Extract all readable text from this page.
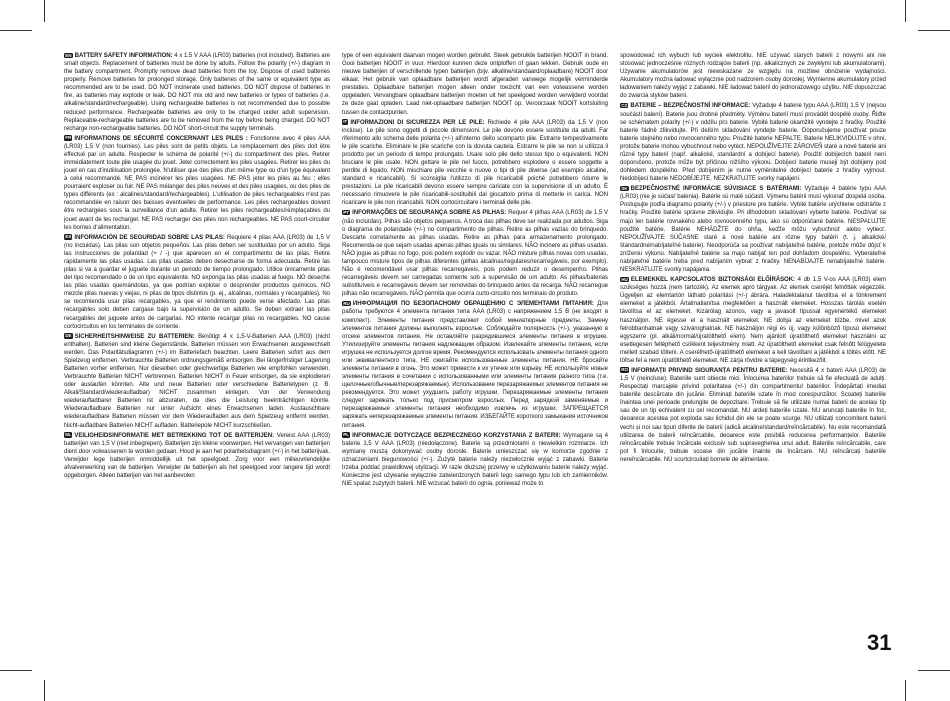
EN BATTERY SAFETY INFORMATION: 4 x 1.5 V AAA (LR03) batteries (not included). Batteries are small objects. Replacement of batteries must be done by adults. Follow the polarity (+/-) diagram in the battery compartment. Promptly remove dead batteries from the toy. Dispose of used batteries properly. Remove batteries for prolonged storage. Only batteries of the same or equivalent type as recommended are to be used. DO NOT incinerate used batteries. DO NOT dispose of batteries in fire, as batteries may explode or leak. DO NOT mix old and new batteries or types of batteries (i.e. alkaline/standard/rechargeable). Using rechargeable batteries is not recommended due to possible reduced performance. Rechargeable batteries are only to be charged under adult supervision. Replaceable-rechargeable batteries are to be removed from the toy before being charged. DO NOT recharge non-rechargeable batteries. DO NOT short-circuit the supply terminals.
FR INFORMATIONS DE SÉCURITÉ CONCERNANT LES PILES : Fonctionne avec 4 piles AAA (LR03) 1,5 V (non fournies). Les piles sont de petits objets. Le remplacement des piles doit être effectué par un adulte. Respecter le schéma de polarité (+/-) du compartiment des piles. Retirer immédiatement toute pile usagée du jouet. Jeter correctement les piles usagées. Retirer les piles du jouet en cas d'inutilisation prolongée. N'utiliser que des piles d'un même type ou d'un type équivalent à celui recommandé. NE PAS incinérer les piles usagées. NE PAS jeter les piles au feu ; elles pourraient exploser ou fuir. NE PAS mélanger des piles neuves et des piles usagées, ou des piles de types différents (ex : alcalines/standard/rechargeables). L'utilisation de piles rechargeables n'est pas recommandée en raison des baisses éventuelles de performance. Les piles rechargeables doivent être rechargées sous la surveillance d'un adulte. Retirer les piles rechargeables/remplaçables du jouet avant de les recharger. NE PAS recharger des piles non rechargeables. NE PAS court-circuiter les bornes d'alimentation.
ES INFORMACIÓN DE SEGURIDAD SOBRE LAS PILAS: Requiere 4 pilas AAA (LR03) de 1,5 V (no incluidas). Las pilas son objetos pequeños. Las pilas deben ser sustituidas por un adulto. Siga las instrucciones de polaridad (+ / -) que aparecen en el compartimento de las pilas. Retire rápidamente las pilas usadas. Las pilas usadas deben desecharse de forma adecuada. Retire las pilas si va a guardar el juguete durante un periodo de tiempo prolongado. Utilice únicamente pilas del tipo recomendado o de un tipo equivalente. NO exponga las pilas usadas al fuego. NO deseche las pilas usadas quemándolas, ya que podrían explotar o desprender productos químicos. NO mezcle pilas nuevas y viejas, ni pilas de tipos distintos (p. ej., alcalinas, normales y recargables). No se recomienda usar pilas recargables, ya que el rendimiento puede verse afectado. Las pilas recargables solo deben cargase bajo la supervisión de un adulto. Se deben extraer las pilas recargables del juguete antes de cargarlas. NO intente recargar pilas no recargables. NO cause cortocircuitos en los terminales de corriente.
DE SICHERHEITSHINWEISE ZU BATTERIEN: Benötigt 4 x 1,5-V-Batterien AAA (LR03) (nicht enthalten). Batterien sind kleine Gegenstände. Batterien müssen von Erwachsenen ausgewechselt werden. Das Polaritätsdiagramm (+/-) im Batteriefach beachten. Leere Batterien sofort aus dem Spielzeug entfernen. Verbrauchte Batterien ordnungsgemäß entsorgen. Bei längerfristiger Lagerung Batterien vorher entfernen. Nur dieselben oder gleichwertige Batterien wie empfohlen verwenden. Verbrauchte Batterien NICHT verbrennen. Batterien NICHT in Feuer entsorgen, da sie explodieren oder auslaufen könnten. Alte und neue Batterien oder verschiedene Batterietypen (z. B. Alkali/Standard/wiederaufladbar) NICHT zusammen einlegen. Von der Verwendung wiederaufladbarer Batterien ist abzuraten, da dies die Leistung beeinträchtigen könnte. Wiederaufladbare Batterien nur unter Aufsicht eines Erwachsenen laden. Austauschbare wiederaufladbare Batterien müssen vor dem Wiederaufladen aus dem Spielzeug entfernt werden. Nicht-aufladbare Batterien NICHT aufladen. Batteriepole NICHT kurzschließen.
NL VEILIGHEIDSINFORMATIE MET BETREKKING TOT DE BATTERIJEN: Vereist AAA (LR03) batterijen van 1,5 V (niet inbegrepen). Batterijen zijn kleine voorwerpen. Het vervangen van batterijen dient door volwassenen te worden gedaan. Houd je aan het polariteitsdiagram (+/-) in het batterijvak. Verwijder lege batterijen onmiddellijk uit het speelgoed. Zorg voor een milieuvriendelijke afvalverwerking van de batterijen. Verwijder de batterijen als het speelgoed voor langere tijd wordt opgeborgen. Alleen batterijen van het aanbevolen
type of een equivalent daarvan mogen worden gebruikt. Steek gebruikte batterijen NOOIT in brand. Gooi batterijen NOOIT in vuur. Hierdoor kunnen deze ontploffen of gaan lekken. Gebruik oude en nieuwe batterijen of verschillende typen batterijen (bijv. alkaline/standaard/oplaadbare) NOOIT door elkaar. Het gebruik van oplaadbare batterijen wordt afgeraden vanwege mogelijk verminderde prestaties. Oplaadbare batterijen mogen alleen onder toezicht van een volwassene worden opgeladen. Vervangbare oplaadbare batterijen moeten uit het speelgoed worden verwijderd voordat ze deze gaat opladen. Laad niet-oplaadbare batterijen NOOIT op. Veroorzaak NOOIT kortsluiting tussen de contactpunten.
IT INFORMAZIONI DI SICUREZZA PER LE PILE: Richiede 4 pile AAA (LR03) da 1,5 V (non incluse). Le pile sono oggetti di piccole dimensioni. Le pile devono essere sostituite da adulti. Far riferimento allo schema delle polarità (+/-) all'interno dello scomparto pile. Estrarre tempestivamente le pile scariche. Eliminare le pile scariche con la dovuta cautela. Estrarre le pile se non si utilizza il prodotto per un periodo di tempo prolungato. Usare solo pile dello stesso tipo o equivalenti. NON bruciare le pile usate. NON gettare le pile nel fuoco, potrebbero esplodere o essere soggette a perdite di liquido. NON mischiare pile vecchie e nuove o tipi di pile diverse (ad esempio alcaline, standard e ricaricabili). Si sconsiglia l'utilizzo di pile ricaricabili poiché potrebbero ridurre le prestazioni. Le pile ricaricabili devono essere sempre caricate con la supervisione di un adulto. È necessario rimuovere le pile ricaricabili-sostituibili dal giocattolo prima di metterle in carica. NON ricaricare le pile non ricaricabili. NON cortocircuitare i terminali delle pile.
PT INFORMAÇÕES DE SEGURANÇA SOBRE AS PILHAS: Requer 4 pilhas AAA (LR03) de 1,5 V (não incluídas). Pilhas são objetos pequenos. A troca das pilhas deve ser realizada por adultos. Siga o diagrama de polaridade (+/-) no compartimento de pilhas. Retire as pilhas vazias do brinquedo. Descarte corretamente as pilhas usadas. Retire as pilhas para armazenamento prolongado. Recomenda-se que sejam usadas apenas pilhas iguais ou similares. NÃO incinere as pilhas usadas. NÃO jogue as pilhas no fogo, pois podem explodir ou vazar. NÃO misture pilhas novas com usadas, tampouco misture tipos de pilhas diferentes (pilhas alcalinas/regulares/recarregáveis, por exemplo). Não é recomendável usar pilhas recarregáveis, pois podem reduzir o desempenho. Pilhas recarregáveis devem ser carregadas somente sob a supervisão de um adulto. As pilhas/baterias substituíveis e recarregáveis devem ser removidas do brinquedo antes da recarga. NÃO recarregue pilhas não recarregáveis. NÃO permita que ocorra curto-circuito nos terminais do produto.
RU ИНФОРМАЦИЯ ПО БЕЗОПАСНОМУ ОБРАЩЕНИЮ С ЭЛЕМЕНТАМИ ПИТАНИЯ: Для работы требуются 4 элемента питания типа AAA (LR03) с напряжением 1,5 В (не входят в комплект). Элементы питания представляют собой миниатюрные предметы. Замену элементов питания должны выполнять взрослые. Соблюдайте полярность (+/-), указанную в отсеке элементов питания. Не оставляйте разрядившиеся элементы питания в игрушке. Утилизируйте элементы питания надлежащим образом. Извлекайте элементы питания, если игрушка не используется долгое время. Рекомендуется использовать элементы питания одного или эквивалентного типа. НЕ сжигайте использованные элементы питания. НЕ бросайте элементы питания в огонь. Это может привести к их утечке или взрыву. НЕ используйте новые элементы питания в сочетании с использованными или элементы питания разного типа (т.е. щелочные/обычные/перезаряжаемые). Использование перезаряжаемых элементов питания не рекомендуется. Это может ухудшить работу игрушки. Перезаряжаемые элементы питания следует заряжать только под присмотром взрослых. Перед зарядкой заменяемые и перезаряжаемые элементы питания необходимо извлечь из игрушки. ЗАПРЕЩАЕТСЯ заряжать неперезаряжаемые элементы питания. ИЗБЕГАЙТЕ короткого замыкания источников питания.
PL INFORMACJE DOTYCZĄCE BEZPIECZNEGO KORZYSTANIA Z BATERII: Wymagane są 4 baterie 1,5 V AAA (LR03) (niedołączone). Baterie są przedmiotami o niewielkim rozmiarze. Ich wymianę muszą dokonywać osoby dorosłe. Baterie umieszczać się w komorze zgodnie z oznaczeniami biegunowości (+/-). Zużyte baterie należy niezwłocznie wyjąć z zabawki. Baterie trzeba poddać prawidłowej utylizacji. W razie dłuższej przerwy w użytkowaniu baterie należy wyjąć. Konieczne jest używanie wyłącznie zatwierdzonych baterii tego samego typu lub ich zamienników. NIE spalać zużytych baterii. NIE wrzucać baterii do ognia, ponieważ może to
spowodować ich wybuch lub wyciek elektrolitu. NIE używać starych baterii z nowymi ani nie stosować jednocześnie różnych rodzajów baterii (np. alkalicznych ze zwykłymi lub akumulatorami). Używanie akumulatorów jest niewskazane ze względu na możliwe obniżenie wydajności. Akumulatory można ładować wyłącznie pod nadzorem osoby dorosłej. Wymienne akumulatory przed ładowaniem należy wyjąć z zabawki. NIE ładować baterii do jednorazowego użytku. NIE dopuszczać do zwarcia styków baterii.
CZ BATERIE – BEZPEČNOSTNÍ INFORMACE: Vyžaduje 4 baterie typu AAA (LR03) 1,5 V (nejsou součástí balení). Baterie jsou drobné předměty. Výměnu baterií musí provádět dospělé osoby. Řiďte se schématem polarity (+/-) v oddílu pro baterie. Vybité baterie okamžitě vyndejte z hračky. Použité baterie řádně zlikvidujte. Při delším skladování vyndejte baterie. Doporučujeme používat pouze baterie stejného nebo rovnocenného typu. Použité baterie NEPALTE. Baterie NELIKVIDUJTE v ohni, protože baterie mohou vybuchnout nebo vytéct. NEPOUŽÍVEJTE ZÁROVEŇ staré a nové baterie ani různé typy baterií (např. alkalické, standardní a dobíjecí baterie). Použití dobíjecích baterií není doporučeno, protože může být příčinou nižšího výkonu. Dobíjecí baterie musejí být dobíjeny pod dohledem dospělého. Před dobíjením je nutné vyměnitelné dobíjecí baterie z hračky vyjmout. Nedobíjecí baterie NEDOBÍJEJTE. NEZKRATUJTE svorky napájení.
SK BEZPEČNOSTNÉ INFORMÁCIE SÚVISIACE S BATÉRIAMI: Vyžaduje 4 batérie typu AAA (LR03) (nie je súčasť balenia). Batérie sú malé súčasti. Výmenu batérií musí vykonať dospelá osoba. Postupujte podľa diagramu polarity (+/-) v priestore pre batérie. Vybité batérie urýchlene odstráňte z hračky. Použité batérie správne zlikvidujte. Pri dlhodobom skladovaní vyberte batérie. Používať sa majú len batérie rovnakého alebo rovnocenného typu, ako sú odporúčané batérie. NESPAĽUJTE použité batérie. Batérie NEHÁDŽTE do ohňa, keďže môžu vybuchnúť alebo vytiecť. NEPOUŽÍVAJTE SÚČASNE staré a nové batérie ani rôzne typy batérií (t. j. alkalické/štandardné/nabíjateľné batérie). Neodporúča sa používať nabíjateľné batérie, pretože môže dôjsť k zníženiu výkonu. Nabíjateľné batérie sa majú nabíjať len pod dohľadom dospelého. Vyberateľné nabíjateľné batérie treba pred nabíjaním vybrať z hračky. NENABÍJAJTE nenabíjateľné batérie. NESKRATUJTE svorky napájania.
HU ELEMEKKEL KAPCSOLATOS BIZTONSÁGI ELŐÍRÁSOK: 4 db 1,5 V-os AAA (LR03) elem szükséges hozzá (nem tartozék). Az elemek apró tárgyak. Az elemek cseréjét felnőttek végezzék. Ügyeljen az elemtartón látható polaritási (+/-) ábrára. Haladéktalanul távolítsa el a tönkrement elemeket a játékból. Ártalmatlanítsa megfelelően a használt elemeket. Hosszas tárolás esetén távolítsa el az elemeket. Kizárólag azonos, vagy a javasolt típussal egyenértékű elemeket használjon. NE égesse el a használt elemeket. NE dobja az elemeket tűzbe, mivel azok felrobbanhatnak vagy szivároghatnak. NE használjon régi és új, vagy különböző típusú elemeket egyszerre (pl. alkáli/normál/újratölthető elem). Nem ajánlott újratölthető elemeket használni az esetlegesen felléphető csökkent teljesítmény miatt. Az újratölthető elemeket csak felnőtt felügyelete mellett szabad tölteni. A cserélhető-újratölthető elemeket a kell távolítani a játékból a töltés előtt. NE töltse fel a nem újratölthető elemeket. NE zárja rövidre a tápegység érintkezőit.
RO INFORMAȚII PRIVIND SIGURANȚA PENTRU BATERIE: Necesită 4 x baterii AAA (LR03) de 1,5 V (neincluse). Bateriile sunt obiecte mici. Înlocuirea bateriilor trebuie să fie efectuată de adulți. Respectați marcajele privind polaritatea (+/-) din compartimentul bateriilor. Îndepărtați imediat bateriile descărcate din jucărie. Eliminați bateriile uzate în mod corespunzător. Scoateți bateriile înaintea unei perioade prelungite de depozitare. Trebuie să fie utilizate numai baterii de același tip sau de un tip echivalent cu cel recomandat. NU ardeți bateriile uzate. NU aruncați bateriile în foc, deoarece acestea pot exploda sau lichidul din ele se poate scurge. NU utilizați concomitent baterii vechi și noi sau tipuri diferite de baterii (adică alcaline/standard/reîncărcabile). Nu este recomandată utilizarea de baterii reîncărcabile, deoarece este posibilă reducerea performanțelor. Bateriile reîncărcabile trebuie încărcate exclusiv sub supravegherea unui adult. Bateriile reîncărcabile, care pot fi înlocuite, trebuie scoase din jucărie înainte de încărcare. NU reîncărcați bateriile nereîncărcabile. NU scurtcircuitați bornele de alimentare.
31
